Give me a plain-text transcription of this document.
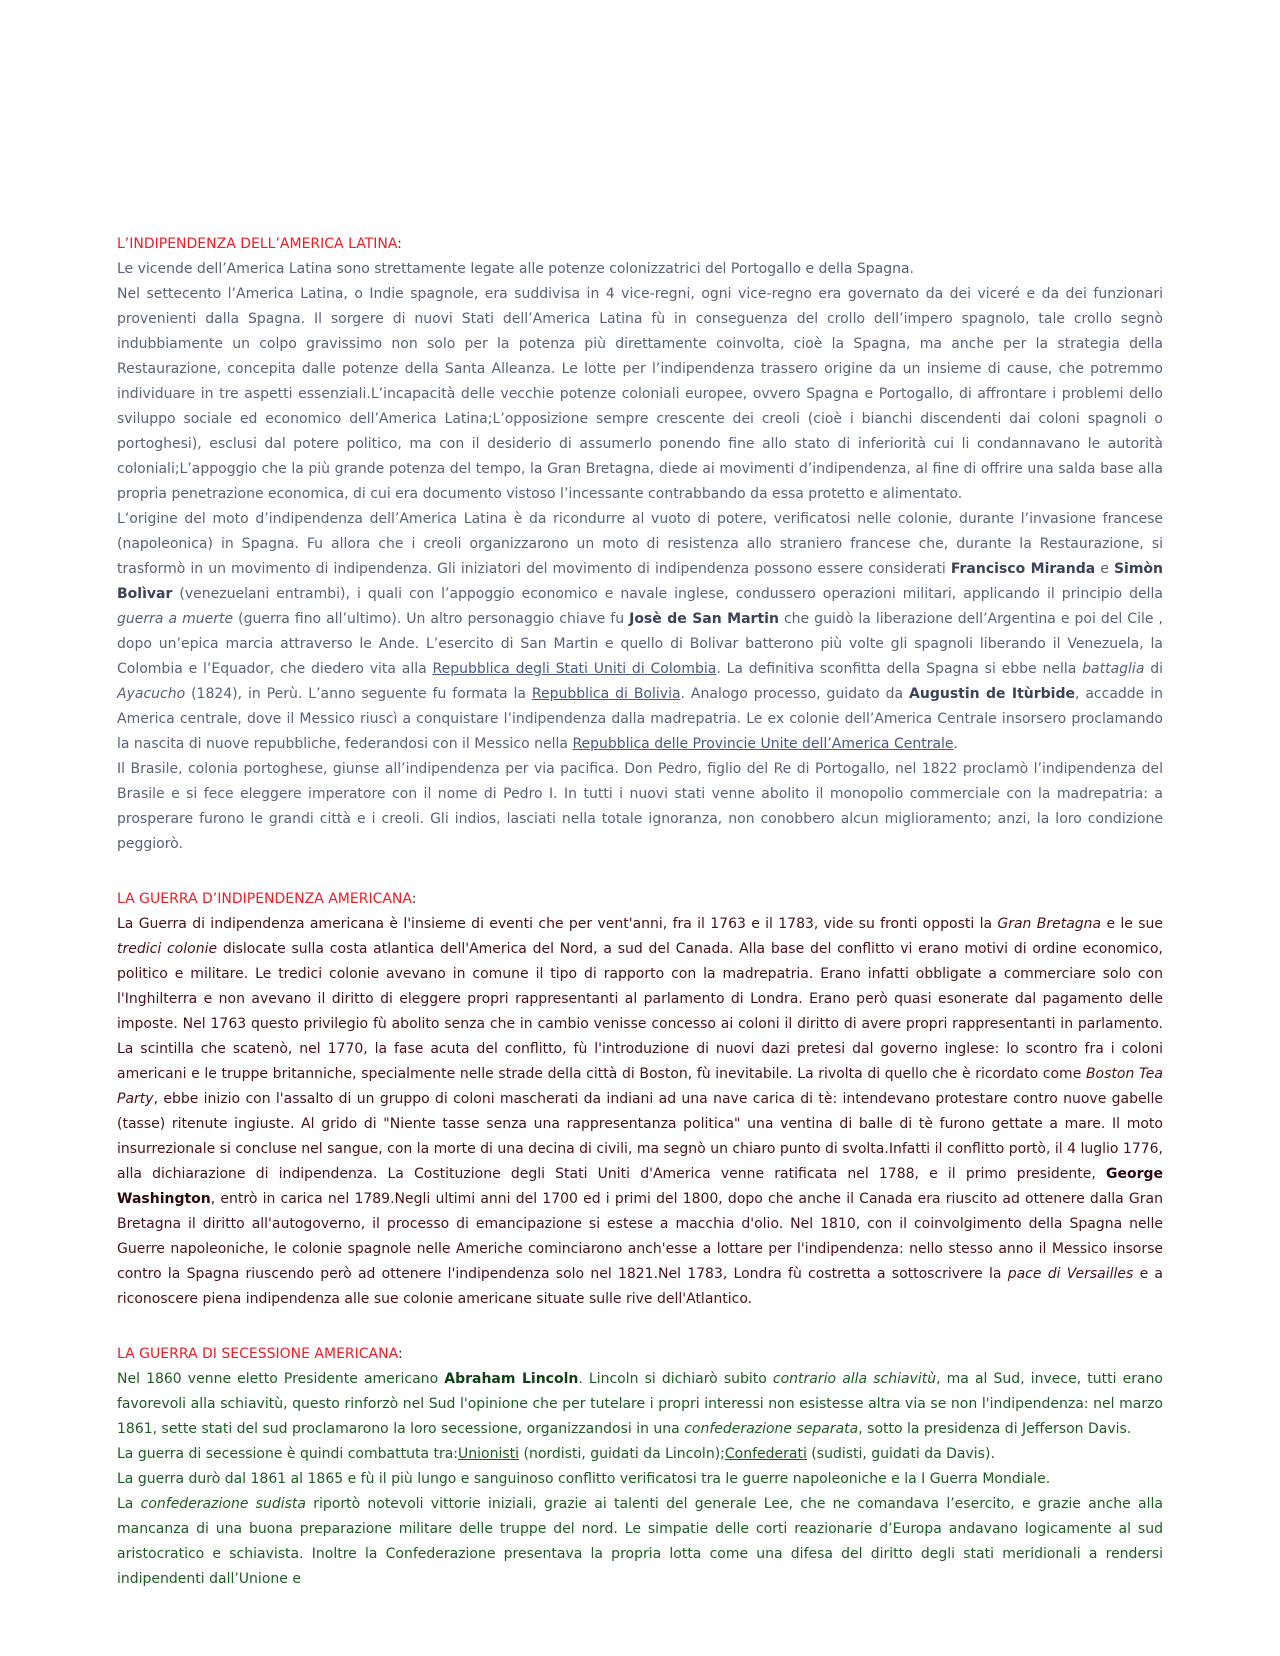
L’INDIPENDENZA DELL’AMERICA LATINA:

Le vicende dell’America Latina sono strettamente legate alle potenze colonizzatrici del Portogallo e della Spagna.

Nel settecento l’America Latina, o Indie spagnole, era suddivisa in 4 vice-regni, ogni vice-regno era governato da dei viceré e da dei funzionari provenienti dalla Spagna. Il sorgere di nuovi Stati dell’America Latina fù in conseguenza del crollo dell’impero spagnolo, tale crollo segnò indubbiamente un colpo gravissimo non solo per la potenza più direttamente coinvolta, cioè la Spagna, ma anche per la strategia della Restaurazione, concepita dalle potenze della Santa Alleanza. Le lotte per l’indipendenza trassero origine da un insieme di cause, che potremmo individuare in tre aspetti essenziali.L’incapacità delle vecchie potenze coloniali europee, ovvero Spagna e Portogallo, di affrontare i problemi dello sviluppo sociale ed economico dell’America Latina;L’opposizione sempre crescente dei creoli (cioè i bianchi discendenti dai coloni spagnoli o portoghesi), esclusi dal potere politico, ma con il desiderio di assumerlo ponendo fine allo stato di inferiorità cui li condannavano le autorità coloniali;L’appoggio che la più grande potenza del tempo, la Gran Bretagna, diede ai movimenti d’indipendenza, al fine di offrire una salda base alla propria penetrazione economica, di cui era documento vistoso l’incessante contrabbando da essa protetto e alimentato.

L’origine del moto d’indipendenza dell’America Latina è da ricondurre al vuoto di potere, verificatosi nelle colonie, durante l’invasione francese (napoleonica) in Spagna. Fu allora che i creoli organizzarono un moto di resistenza allo straniero francese che, durante la Restaurazione, si trasformò in un movimento di indipendenza. Gli iniziatori del movimento di indipendenza possono essere considerati Francisco Miranda e Simòn Bolìvar (venezuelani entrambi), i quali con l’appoggio economico e navale inglese, condussero operazioni militari, applicando il principio della guerra a muerte (guerra fino all’ultimo). Un altro personaggio chiave fu Josè de San Martin che guidò la liberazione dell’Argentina e poi del Cile , dopo un’epica marcia attraverso le Ande. L’esercito di San Martin e quello di Bolivar batterono più volte gli spagnoli liberando il Venezuela, la Colombia e l’Equador, che diedero vita alla Repubblica degli Stati Uniti di Colombia. La definitiva sconfitta della Spagna si ebbe nella battaglia di Ayacucho (1824), in Perù. L’anno seguente fu formata la Repubblica di Bolivia. Analogo processo, guidato da Augustin de Itùrbide, accadde in America centrale, dove il Messico riuscì a conquistare l’indipendenza dalla madrepatria. Le ex colonie dell’America Centrale insorsero proclamando la nascita di nuove repubbliche, federandosi con il Messico nella Repubblica delle Provincie Unite dell’America Centrale.

Il Brasile, colonia portoghese, giunse all’indipendenza per via pacifica. Don Pedro, figlio del Re di Portogallo, nel 1822 proclamò l’indipendenza del Brasile e si fece eleggere imperatore con il nome di Pedro I. In tutti i nuovi stati venne abolito il monopolio commerciale con la madrepatria: a prosperare furono le grandi città e i creoli. Gli indios, lasciati nella totale ignoranza, non conobbero alcun miglioramento; anzi, la loro condizione peggiorò.

LA GUERRA D’INDIPENDENZA AMERICANA:

La Guerra di indipendenza americana è l'insieme di eventi che per vent'anni, fra il 1763 e il 1783, vide su fronti opposti la Gran Bretagna e le sue tredici colonie dislocate sulla costa atlantica dell'America del Nord, a sud del Canada. Alla base del conflitto vi erano motivi di ordine economico, politico e militare. Le tredici colonie avevano in comune il tipo di rapporto con la madrepatria. Erano infatti obbligate a commerciare solo con l'Inghilterra e non avevano il diritto di eleggere propri rappresentanti al parlamento di Londra. Erano però quasi esonerate dal pagamento delle imposte. Nel 1763 questo privilegio fù abolito senza che in cambio venisse concesso ai coloni il diritto di avere propri rappresentanti in parlamento. La scintilla che scatenò, nel 1770, la fase acuta del conflitto, fù l'introduzione di nuovi dazi pretesi dal governo inglese: lo scontro fra i coloni americani e le truppe britanniche, specialmente nelle strade della città di Boston, fù inevitabile. La rivolta di quello che è ricordato come Boston Tea Party, ebbe inizio con l'assalto di un gruppo di coloni mascherati da indiani ad una nave carica di tè: intendevano protestare contro nuove gabelle (tasse) ritenute ingiuste. Al grido di "Niente tasse senza una rappresentanza politica" una ventina di balle di tè furono gettate a mare. Il moto insurrezionale si concluse nel sangue, con la morte di una decina di civili, ma segnò un chiaro punto di svolta.Infatti il conflitto portò, il 4 luglio 1776, alla dichiarazione di indipendenza. La Costituzione degli Stati Uniti d'America venne ratificata nel 1788, e il primo presidente, George Washington, entrò in carica nel 1789.Negli ultimi anni del 1700 ed i primi del 1800, dopo che anche il Canada era riuscito ad ottenere dalla Gran Bretagna il diritto all'autogoverno, il processo di emancipazione si estese a macchia d'olio. Nel 1810, con il coinvolgimento della Spagna nelle Guerre napoleoniche, le colonie spagnole nelle Americhe cominciarono anch'esse a lottare per l'indipendenza: nello stesso anno il Messico insorse contro la Spagna riuscendo però ad ottenere l'indipendenza solo nel 1821.Nel 1783, Londra fù costretta a sottoscrivere la pace di Versailles e a riconoscere piena indipendenza alle sue colonie americane situate sulle rive dell'Atlantico.

LA GUERRA DI SECESSIONE AMERICANA:

Nel 1860 venne eletto Presidente americano Abraham Lincoln. Lincoln si dichiarò subito contrario alla schiavitù, ma al Sud, invece, tutti erano favorevoli alla schiavitù, questo rinforzò nel Sud l'opinione che per tutelare i propri interessi non esistesse altra via se non l'indipendenza: nel marzo 1861, sette stati del sud proclamarono la loro secessione, organizzandosi in una confederazione separata, sotto la presidenza di Jefferson Davis.

La guerra di secessione è quindi combattuta tra:Unionisti (nordisti, guidati da Lincoln);Confederati (sudisti, guidati da Davis).

La guerra durò dal 1861 al 1865 e fù il più lungo e sanguinoso conflitto verificatosi tra le guerre napoleoniche e la I Guerra Mondiale.

La confederazione sudista riportò notevoli vittorie iniziali, grazie ai talenti del generale Lee, che ne comandava l’esercito, e grazie anche alla mancanza di una buona preparazione militare delle truppe del nord. Le simpatie delle corti reazionarie d’Europa andavano logicamente al sud aristocratico e schiavista. Inoltre la Confederazione presentava la propria lotta come una difesa del diritto degli stati meridionali a rendersi indipendenti dall’Unione e
